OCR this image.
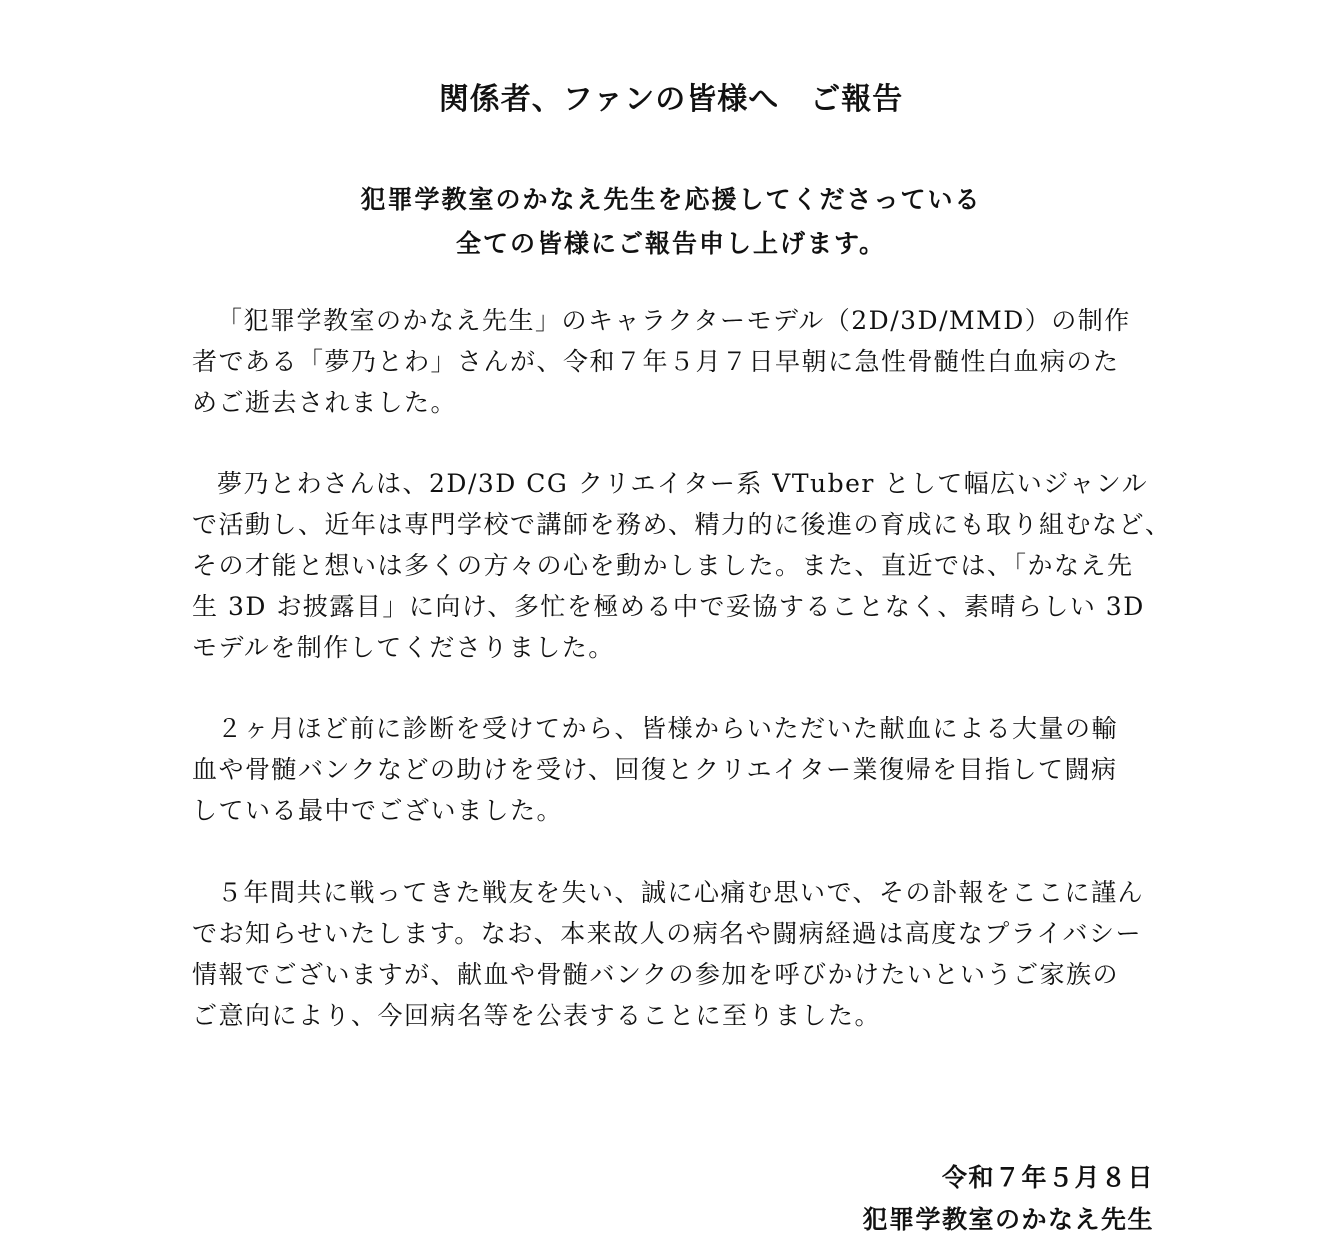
関係者、ファンの皆様へ　ご報告
犯罪学教室のかなえ先生を応援してくださっている
全ての皆様にご報告申し上げます。
「犯罪学教室のかなえ先生」のキャラクターモデル（2D/3D/MMD）の制作
者である「夢乃とわ」さんが、令和７年５月７日早朝に急性骨髄性白血病のた
めご逝去されました。
夢乃とわさんは、2D/3D CG クリエイター系 VTuber として幅広いジャンル
で活動し、近年は専門学校で講師を務め、精力的に後進の育成にも取り組むなど、
その才能と想いは多くの方々の心を動かしました。また、直近では、「かなえ先
生 3D お披露目」に向け、多忙を極める中で妥協することなく、素晴らしい 3D
モデルを制作してくださりました。
２ヶ月ほど前に診断を受けてから、皆様からいただいた献血による大量の輸
血や骨髄バンクなどの助けを受け、回復とクリエイター業復帰を目指して闘病
している最中でございました。
５年間共に戦ってきた戦友を失い、誠に心痛む思いで、その訃報をここに謹ん
でお知らせいたします。なお、本来故人の病名や闘病経過は高度なプライバシー
情報でございますが、献血や骨髄バンクの参加を呼びかけたいというご家族の
ご意向により、今回病名等を公表することに至りました。
令和７年５月８日
犯罪学教室のかなえ先生
